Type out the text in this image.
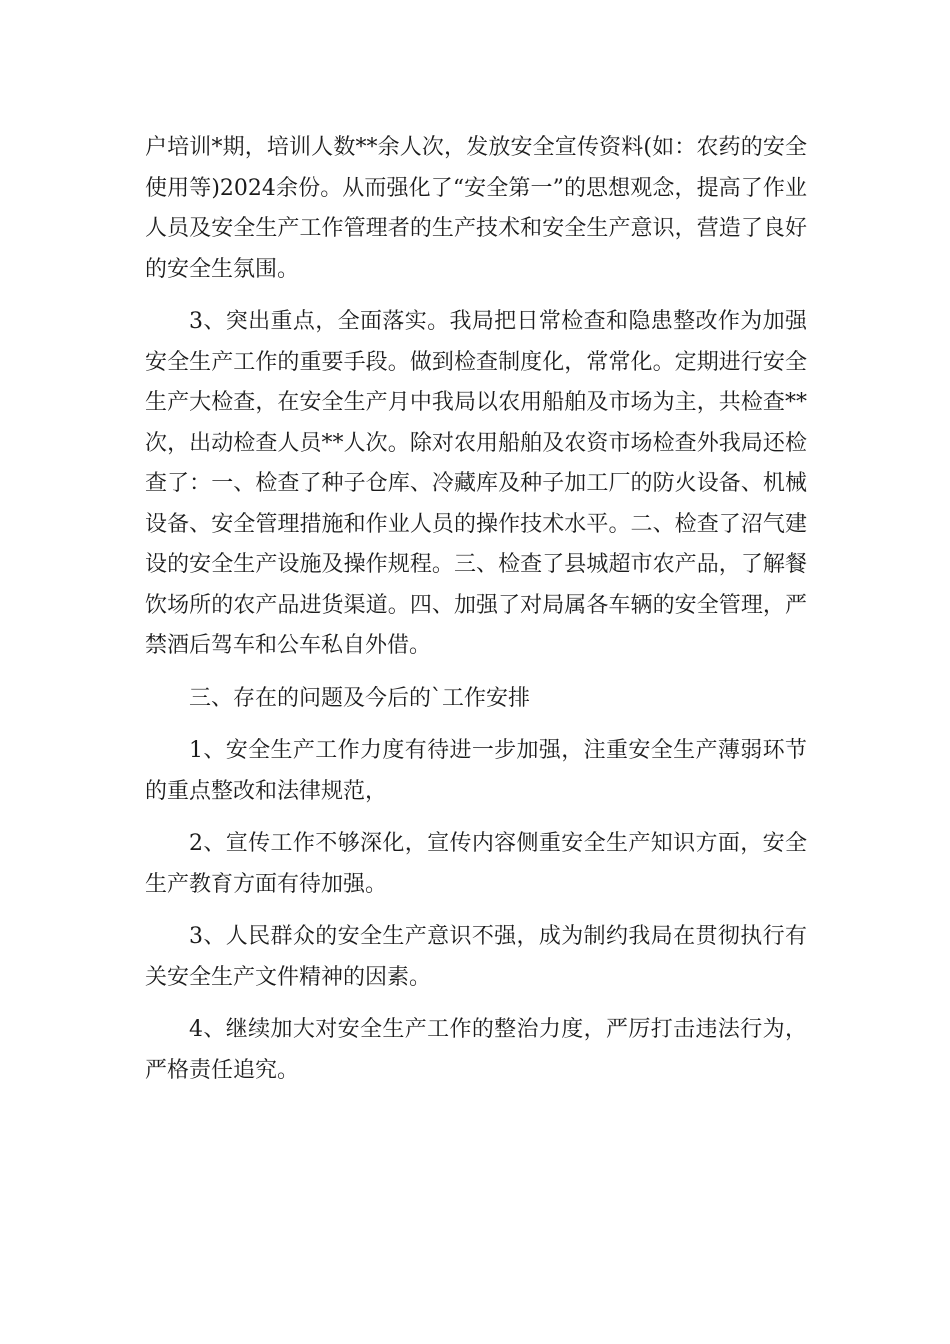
户培训*期，培训人数**余人次，发放安全宣传资料(如：农药的安全使用等)2024余份。从而强化了“安全第一”的思想观念，提高了作业人员及安全生产工作管理者的生产技术和安全生产意识，营造了良好的安全生氛围。

3、突出重点，全面落实。我局把日常检查和隐患整改作为加强安全生产工作的重要手段。做到检查制度化，常常化。定期进行安全生产大检查，在安全生产月中我局以农用船舶及市场为主，共检查**次，出动检查人员**人次。除对农用船舶及农资市场检查外我局还检查了：一、检查了种子仓库、冷藏库及种子加工厂的防火设备、机械设备、安全管理措施和作业人员的操作技术水平。二、检查了沼气建设的安全生产设施及操作规程。三、检查了县城超市农产品，了解餐饮场所的农产品进货渠道。四、加强了对局属各车辆的安全管理，严禁酒后驾车和公车私自外借。

三、存在的问题及今后的`工作安排

1、安全生产工作力度有待进一步加强，注重安全生产薄弱环节的重点整改和法律规范，

2、宣传工作不够深化，宣传内容侧重安全生产知识方面，安全生产教育方面有待加强。

3、人民群众的安全生产意识不强，成为制约我局在贯彻执行有关安全生产文件精神的因素。

4、继续加大对安全生产工作的整治力度，严厉打击违法行为，严格责任追究。
